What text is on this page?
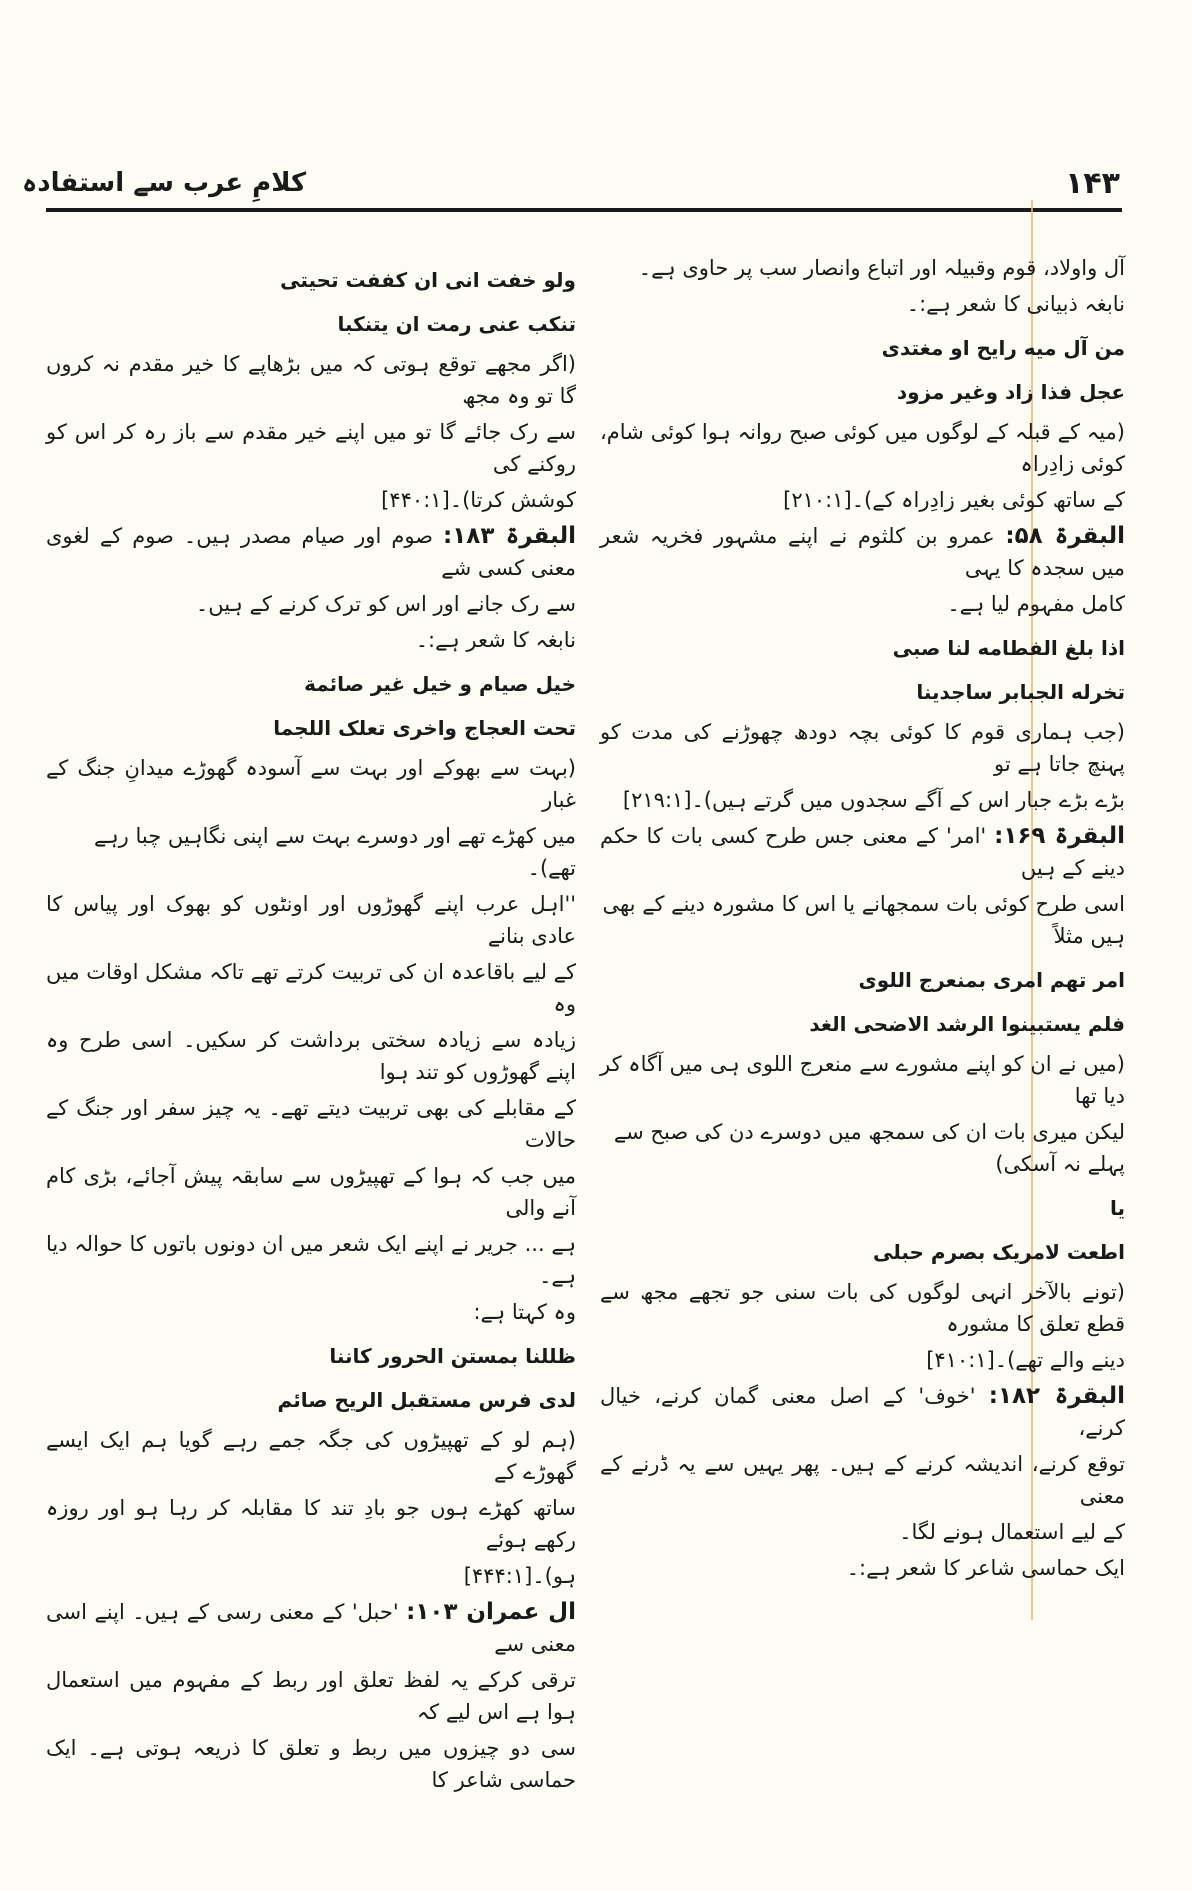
کلامِ عرب سے استفادہ	۱۴۳
آل واولاد، قوم وقبیلہ اور اتباع وانصار سب پر حاوی ہے۔
نابغہ ذبیانی کا شعر ہے:۔
من آل میه رایح او مغتدی
عجل فذا زاد وغیر مزود
(میہ کے قبلہ کے لوگوں میں کوئی صبح روانہ ہوا کوئی شام، کوئی زادِراہ
کے ساتھ کوئی بغیر زادِراہ کے)۔[۲۱۰:۱]
البقرۃ ۵۸: عمرو بن کلثوم نے اپنے مشہور فخریہ شعر میں سجدہ کا یہی
کامل مفہوم لیا ہے۔
اذا بلغ الفطامه لنا صبی
تخرله الجبابر ساجدینا
(جب ہماری قوم کا کوئی بچہ دودھ چھوڑنے کی مدت کو پہنچ جاتا ہے تو
بڑے بڑے جبار اس کے آگے سجدوں میں گرتے ہیں)۔[۲۱۹:۱]
البقرۃ ۱۶۹: 'امر' کے معنی جس طرح کسی بات کا حکم دینے کے ہیں
اسی طرح کوئی بات سمجھانے یا اس کا مشورہ دینے کے بھی ہیں مثلاً
امر تهم امری بمنعرج اللوی
فلم یستبینوا الرشد الاضحی الغد
(میں نے ان کو اپنے مشورے سے منعرج اللوی ہی میں آگاہ کر دیا تھا
لیکن میری بات ان کی سمجھ میں دوسرے دن کی صبح سے پہلے نہ آسکی)
یا
اطعت لامریک بصرم حبلی
(تونے بالآخر انہی لوگوں کی بات سنی جو تجھے مجھ سے قطع تعلق کا مشورہ
دینے والے تھے)۔[۴۱۰:۱]
البقرۃ ۱۸۲: 'خوف' کے اصل معنی گمان کرنے، خیال کرنے،
توقع کرنے، اندیشہ کرنے کے ہیں۔ پھر یہیں سے یہ ڈرنے کے معنی
کے لیے استعمال ہونے لگا۔
ایک حماسی شاعر کا شعر ہے:۔
ولو خفت انی ان کففت تحیتی
تنکب عنی رمت ان یتنکبا
(اگر مجھے توقع ہوتی کہ میں بڑھاپے کا خیر مقدم نہ کروں گا تو وہ مجھ
سے رک جائے گا تو میں اپنے خیر مقدم سے باز رہ کر اس کو روکنے کی
کوشش کرتا)۔[۴۴۰:۱]
البقرۃ ۱۸۳: صوم اور صیام مصدر ہیں۔ صوم کے لغوی معنی کسی شے
سے رک جانے اور اس کو ترک کرنے کے ہیں۔
نابغہ کا شعر ہے:۔
خیل صیام و خیل غیر صائمة
تحت العجاج واخری تعلک اللجما
(بہت سے بھوکے اور بہت سے آسودہ گھوڑے میدانِ جنگ کے غبار
میں کھڑے تھے اور دوسرے بہت سے اپنی نگاہیں چبا رہے تھے)۔
''اہل عرب اپنے گھوڑوں اور اونٹوں کو بھوک اور پیاس کا عادی بنانے
کے لیے باقاعدہ ان کی تربیت کرتے تھے تاکہ مشکل اوقات میں وہ
زیادہ سے زیادہ سختی برداشت کر سکیں۔ اسی طرح وہ اپنے گھوڑوں کو تند ہوا
کے مقابلے کی بھی تربیت دیتے تھے۔ یہ چیز سفر اور جنگ کے حالات
میں جب کہ ہوا کے تھپیڑوں سے سابقہ پیش آجائے، بڑی کام آنے والی
ہے ... جریر نے اپنے ایک شعر میں ان دونوں باتوں کا حوالہ دیا ہے۔
وہ کہتا ہے:
ظللنا بمستن الحرور کاننا
لدی فرس مستقبل الریح صائم
(ہم لو کے تھپیڑوں کی جگہ جمے رہے گویا ہم ایک ایسے گھوڑے کے
ساتھ کھڑے ہوں جو بادِ تند کا مقابلہ کر رہا ہو اور روزہ رکھے ہوئے
ہو)۔[۴۴۴:۱]
ال عمران ۱۰۳: 'حبل' کے معنی رسی کے ہیں۔ اپنے اسی معنی سے
ترقی کرکے یہ لفظ تعلق اور ربط کے مفہوم میں استعمال ہوا ہے اس لیے کہ
سی دو چیزوں میں ربط و تعلق کا ذریعہ ہوتی ہے۔ ایک حماسی شاعر کا
